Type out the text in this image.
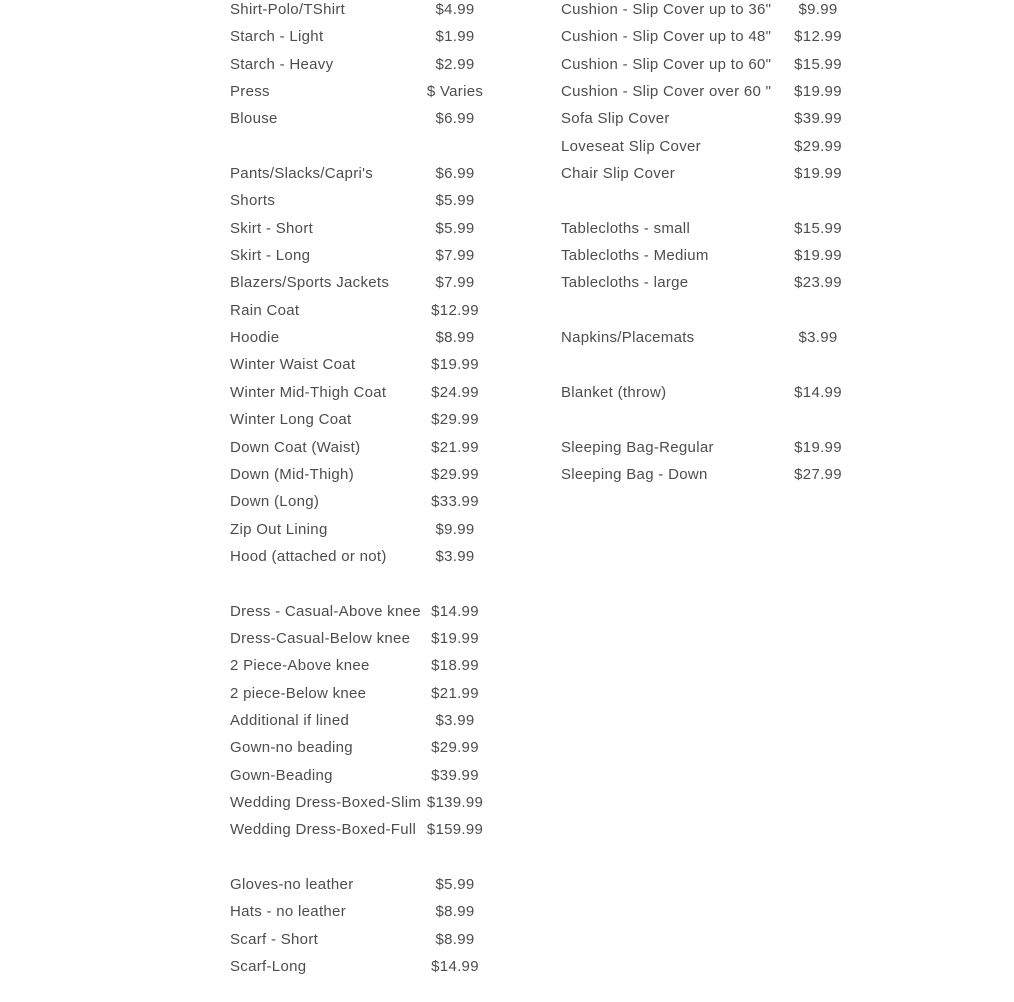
Shirt-Polo/TShirt	$4.99
Starch - Light	$1.99
Starch - Heavy	$2.99
Press	$ Varies
Blouse	$6.99
Pants/Slacks/Capri's	$6.99
Shorts	$5.99
Skirt - Short	$5.99
Skirt - Long	$7.99
Blazers/Sports Jackets	$7.99
Rain Coat	$12.99
Hoodie	$8.99
Winter Waist Coat	$19.99
Winter Mid-Thigh Coat	$24.99
Winter Long Coat	$29.99
Down Coat (Waist)	$21.99
Down (Mid-Thigh)	$29.99
Down (Long)	$33.99
Zip Out Lining	$9.99
Hood (attached or not)	$3.99
Dress - Casual-Above knee $14.99
Dress-Casual-Below knee $19.99
2 Piece-Above knee	$18.99
2 piece-Below knee	$21.99
Additional if lined	$3.99
Gown-no beading	$29.99
Gown-Beading	$39.99
Wedding Dress-Boxed-Slim $139.99
Wedding Dress-Boxed-Full $159.99
Gloves-no leather	$5.99
Hats - no leather	$8.99
Scarf - Short	$8.99
Scarf-Long	$14.99
Cushion - Slip Cover up to 36" $9.99
Cushion - Slip Cover up to 48" $12.99
Cushion - Slip Cover up to 60" $15.99
Cushion - Slip Cover over 60 " $19.99
Sofa Slip Cover	$39.99
Loveseat Slip Cover	$29.99
Chair Slip Cover	$19.99
Tablecloths - small	$15.99
Tablecloths - Medium	$19.99
Tablecloths - large	$23.99
Napkins/Placemats	$3.99
Blanket (throw)	$14.99
Sleeping Bag-Regular	$19.99
Sleeping Bag - Down	$27.99
